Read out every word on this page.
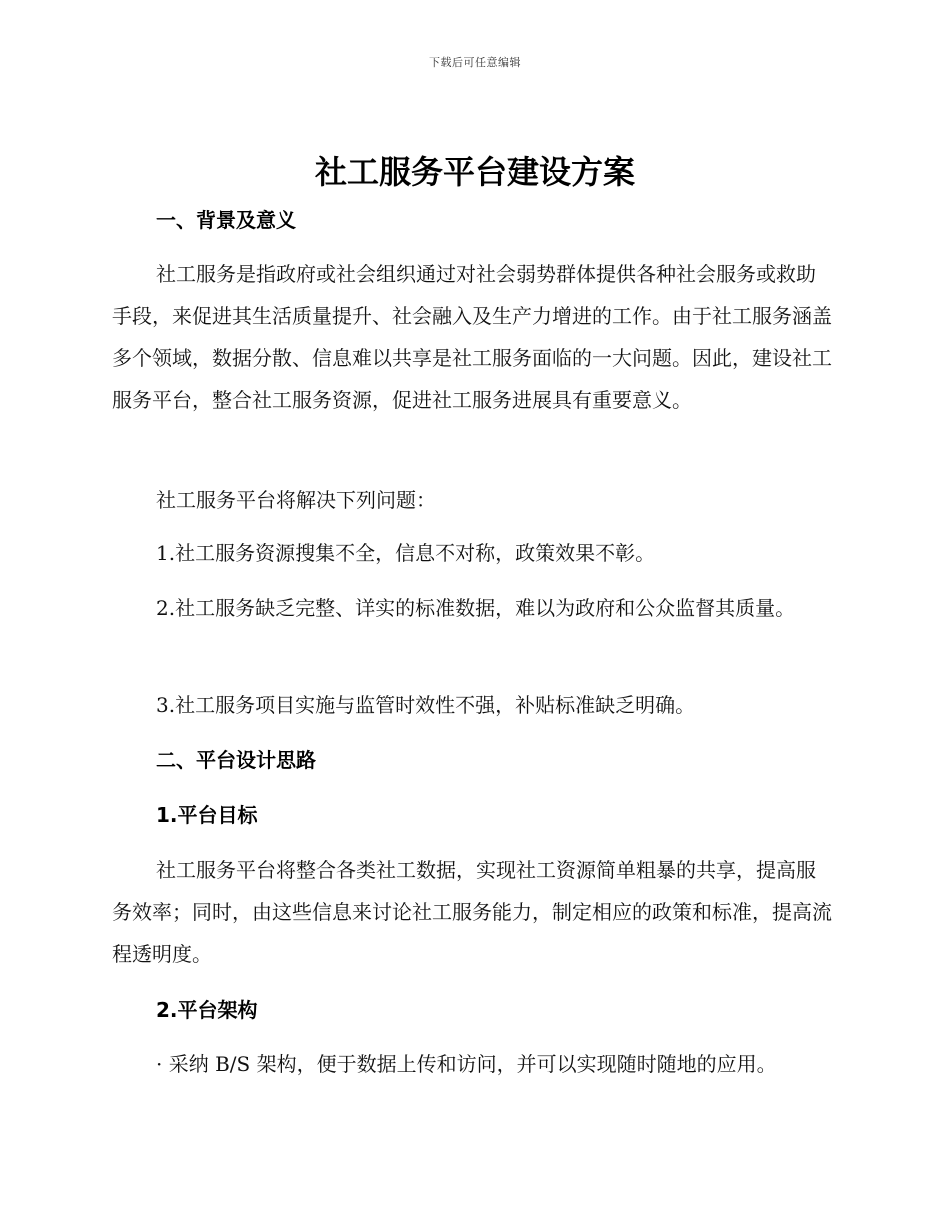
下载后可任意编辑
社工服务平台建设方案
一、背景及意义

社工服务是指政府或社会组织通过对社会弱势群体提供各种社会服务或救助手段，来促进其生活质量提升、社会融入及生产力增进的工作。由于社工服务涵盖多个领域，数据分散、信息难以共享是社工服务面临的一大问题。因此，建设社工服务平台，整合社工服务资源，促进社工服务进展具有重要意义。

社工服务平台将解决下列问题：

1.社工服务资源搜集不全，信息不对称，政策效果不彰。

2.社工服务缺乏完整、详实的标准数据，难以为政府和公众监督其质量。

3.社工服务项目实施与监管时效性不强，补贴标准缺乏明确。

二、平台设计思路
1.平台目标

社工服务平台将整合各类社工数据，实现社工资源简单粗暴的共享，提高服务效率；同时，由这些信息来讨论社工服务能力，制定相应的政策和标准，提高流程透明度。

2.平台架构

· 采纳 B/S 架构，便于数据上传和访问，并可以实现随时随地的应用。
